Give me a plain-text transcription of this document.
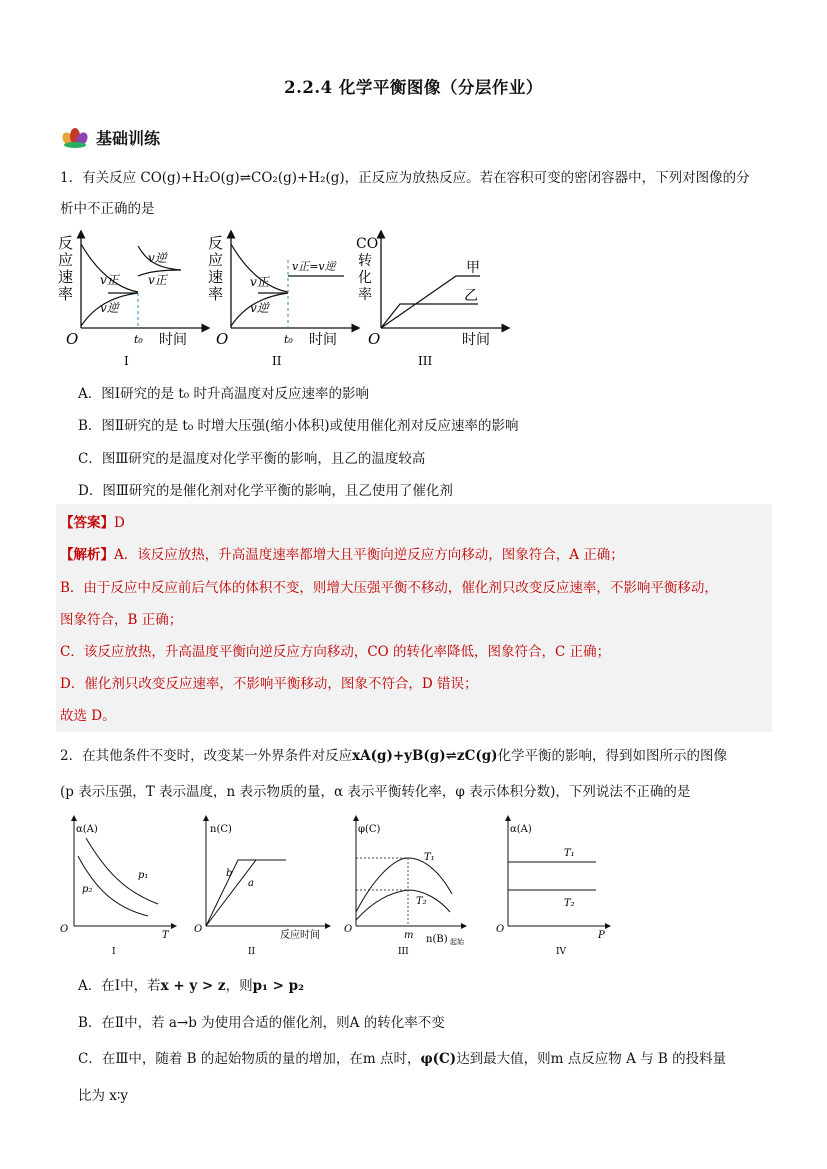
2.2.4 化学平衡图像（分层作业）
基础训练
1．有关反应 CO(g)+H₂O(g)⇌CO₂(g)+H₂(g)，正反应为放热反应。若在容积可变的密闭容器中，下列对图像的分
析中不正确的是
反
应
速
率
v正
v逆
v逆
v正
O	t₀ 时间
I
反
应
速
率
v正
v逆
v正=v逆
O	t₀ 时间
II
CO
转
化
率
甲
乙
O	时间
III
A．图Ⅰ研究的是 t₀ 时升高温度对反应速率的影响
B．图Ⅱ研究的是 t₀ 时增大压强(缩小体积)或使用催化剂对反应速率的影响
C．图Ⅲ研究的是温度对化学平衡的影响，且乙的温度较高
D．图Ⅲ研究的是催化剂对化学平衡的影响，且乙使用了催化剂
【答案】D
【解析】A．该反应放热，升高温度速率都增大且平衡向逆反应方向移动，图象符合，A 正确；
B．由于反应中反应前后气体的体积不变，则增大压强平衡不移动，催化剂只改变反应速率，不影响平衡移动，
图象符合，B 正确；
C．该反应放热，升高温度平衡向逆反应方向移动，CO 的转化率降低，图象符合，C 正确；
D．催化剂只改变反应速率，不影响平衡移动，图象不符合，D 错误；
故选 D。
2．在其他条件不变时，改变某一外界条件对反应xA(g)+yB(g)⇌zC(g)化学平衡的影响，得到如图所示的图像
(p 表示压强，T 表示温度，n 表示物质的量，α 表示平衡转化率，φ 表示体积分数)，下列说法不正确的是
α(A)
p₁
p₂
O
T
I
n(C)
b
a
O
反应时间
II
φ(C)
T₁
T₂
m
O
n(B) 起始
III
α(A)
T₁
T₂
O
P
IV
A．在Ⅰ中，若x + y > z，则p₁ > p₂
B．在Ⅱ中，若 a→b 为使用合适的催化剂，则A 的转化率不变
C．在Ⅲ中，随着 B 的起始物质的量的增加，在m 点时，φ(C)达到最大值，则m 点反应物 A 与 B 的投料量
比为 x∶y
